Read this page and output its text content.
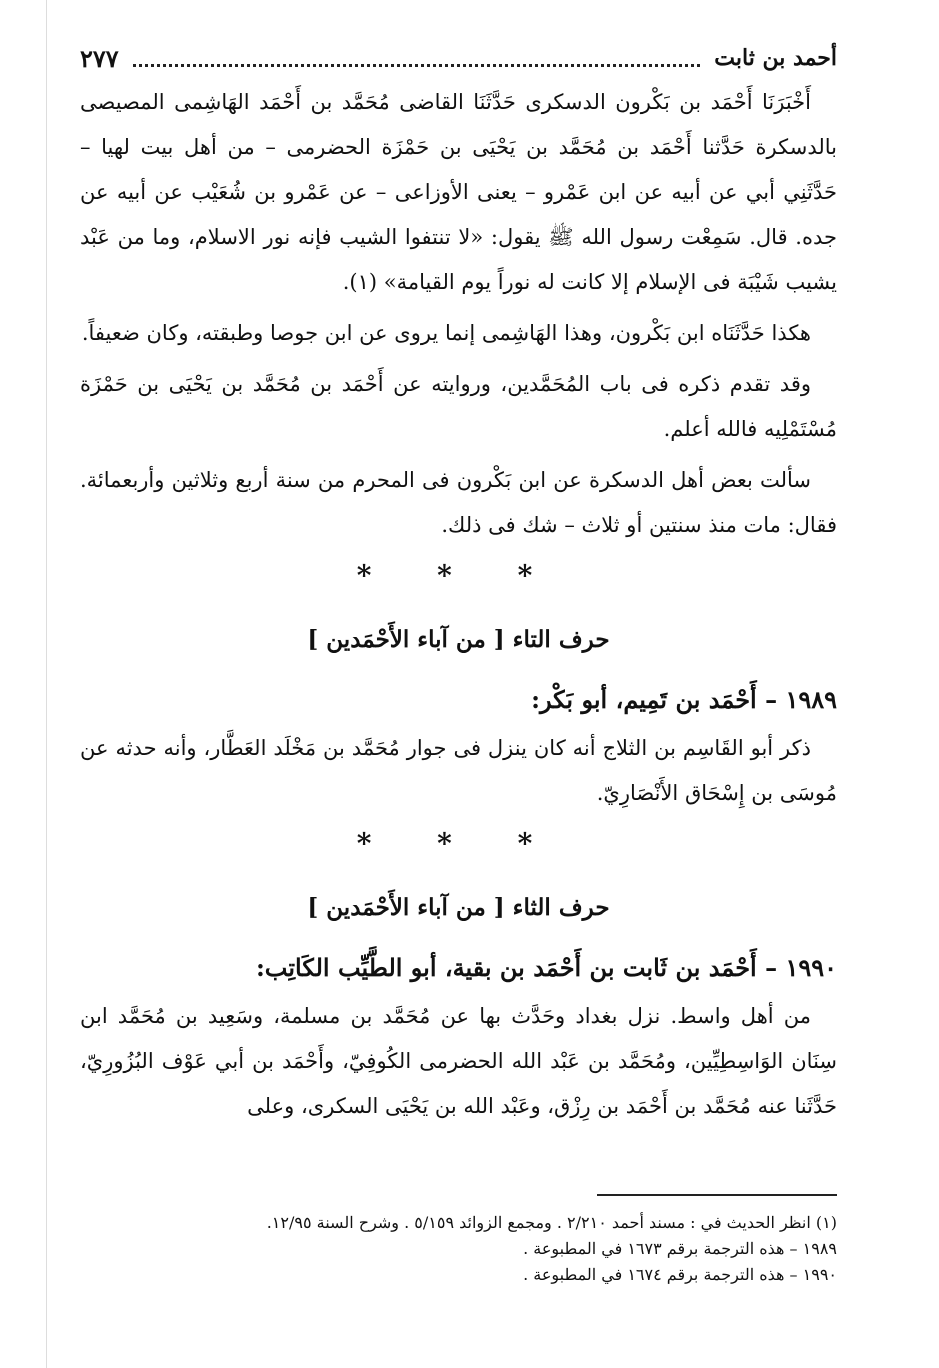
٢٧٧	أحمد بن ثابت

أَخْبَرَنَا أَحْمَد بن بَكْرون الدسكرى حَدَّثَنَا القاضى مُحَمَّد بن أَحْمَد الهَاشِمى المصيصى بالدسكرة حَدَّثنا أَحْمَد بن مُحَمَّد بن يَحْيَى بن حَمْزَة الحضرمى – من أهل بيت لهيا – حَدَّثَنِي أبي عن أبيه عن ابن عَمْرو – يعنى الأوزاعى – عن عَمْرو بن شُعَيْب عن أبيه عن جده. قال. سَمِعْت رسول الله ﷺ يقول: «لا تنتفوا الشيب فإنه نور الاسلام، وما من عَبْد يشيب شَيْبَة فى الإسلام إلا كانت له نوراً يوم القيامة» (١).

هكذا حَدَّثَنَاه ابن بَكْرون، وهذا الهَاشِمى إنما يروى عن ابن جوصا وطبقته، وكان ضعيفاً.

وقد تقدم ذكره فى باب المُحَمَّدين، وروايته عن أَحْمَد بن مُحَمَّد بن يَحْيَى بن حَمْزَة مُسْتَمْلِيه فالله أعلم.

سألت بعض أهل الدسكرة عن ابن بَكْرون فى المحرم من سنة أربع وثلاثين وأربعمائة. فقال: مات منذ سنتين أو ثلاث – شك فى ذلك.

* * *
حرف التاء [ من آباء الأَحْمَدين ]
١٩٨٩ – أَحْمَد بن تَمِيم، أبو بَكْر:

ذكر أبو القَاسِم بن الثلاج أنه كان ينزل فى جوار مُحَمَّد بن مَخْلَد العَطَّار، وأنه حدثه عن مُوسَى بن إِسْحَاق الأَنْصَارِيّ.

* * *
حرف الثاء [ من آباء الأَحْمَدين ]
١٩٩٠ – أَحْمَد بن ثَابت بن أَحْمَد بن بقية، أبو الطَّيِّب الكَاتِب:

من أهل واسط. نزل بغداد وحَدَّث بها عن مُحَمَّد بن مسلمة، وسَعِيد بن مُحَمَّد ابن سِنَان الوَاسِطِيِّين، ومُحَمَّد بن عَبْد الله الحضرمى الكُوفِيّ، وأَحْمَد بن أبي عَوْف البُزُورِيّ، حَدَّثَنا عنه مُحَمَّد بن أَحْمَد بن رِزْق، وعَبْد الله بن يَحْيَى السكرى، وعلى

(١) انظر الحديث في : مسند أحمد ٢/٢١٠ . ومجمع الزوائد ٥/١٥٩ . وشرح السنة ١٢/٩٥.

١٩٨٩ – هذه الترجمة برقم ١٦٧٣ في المطبوعة .

١٩٩٠ – هذه الترجمة برقم ١٦٧٤ في المطبوعة .
